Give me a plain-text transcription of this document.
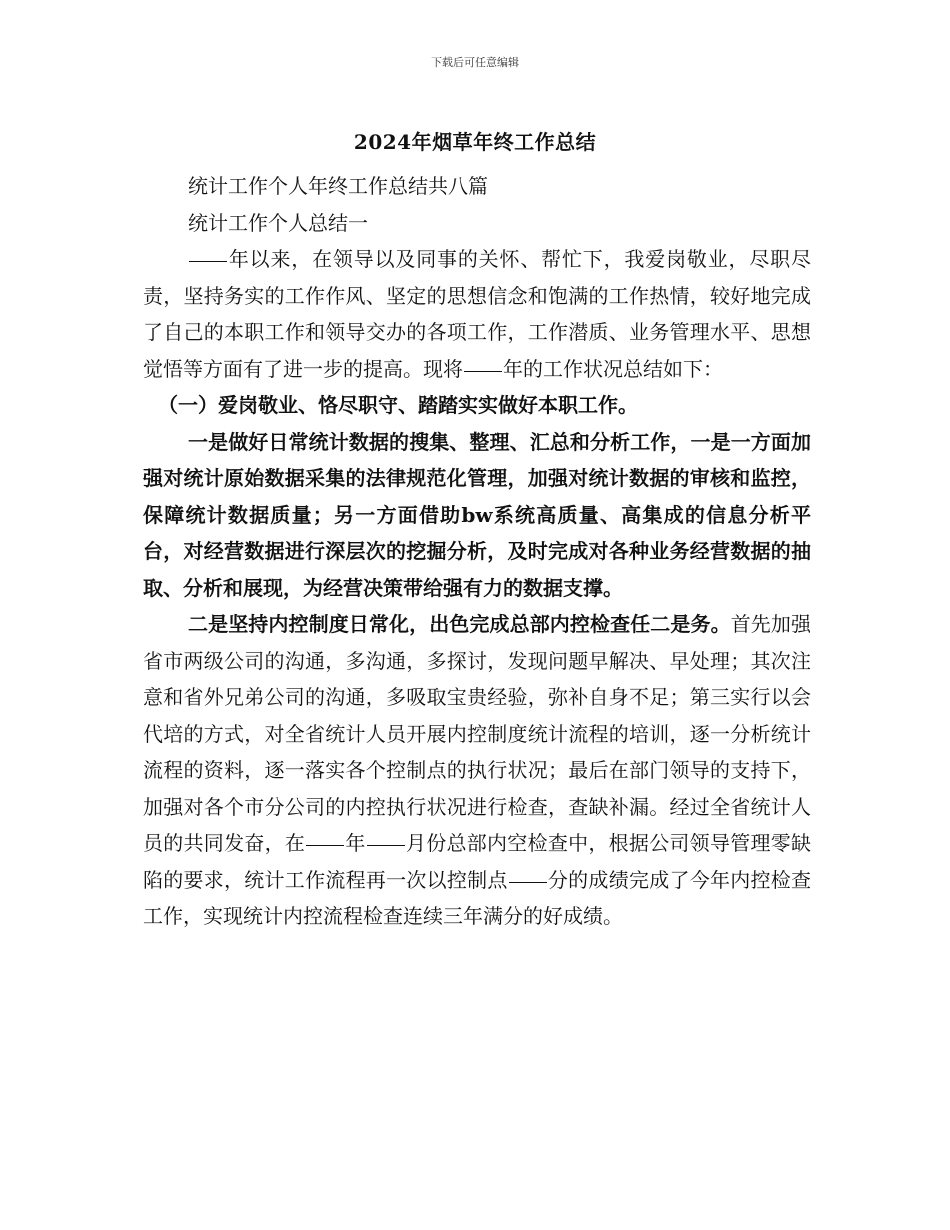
下载后可任意编辑
2024年烟草年终工作总结

统计工作个人年终工作总结共八篇

统计工作个人总结一

年以来，在领导以及同事的关怀、帮忙下，我爱岗敬业，尽职尽责，坚持务实的工作作风、坚定的思想信念和饱满的工作热情，较好地完成了自己的本职工作和领导交办的各项工作，工作潜质、业务管理水平、思想觉悟等方面有了进一步的提高。现将 年的工作状况总结如下：

（一）爱岗敬业、恪尽职守、踏踏实实做好本职工作。

一是做好日常统计数据的搜集、整理、汇总和分析工作，一是一方面加强对统计原始数据采集的法律规范化管理，加强对统计数据的审核和监控，保障统计数据质量；另一方面借助bw系统高质量、高集成的信息分析平台，对经营数据进行深层次的挖掘分析，及时完成对各种业务经营数据的抽取、分析和展现，为经营决策带给强有力的数据支撑。

二是坚持内控制度日常化，出色完成总部内控检查任二是务。首先加强省市两级公司的沟通，多沟通，多探讨，发现问题早解决、早处理；其次注意和省外兄弟公司的沟通，多吸取宝贵经验，弥补自身不足；第三实行以会代培的方式，对全省统计人员开展内控制度统计流程的培训，逐一分析统计流程的资料，逐一落实各个控制点的执行状况；最后在部门领导的支持下，加强对各个市分公司的内控执行状况进行检查，查缺补漏。经过全省统计人员的共同发奋，在 年 月份总部内空检查中，根据公司领导管理零缺陷的要求，统计工作流程再一次以控制点 分的成绩完成了今年内控检查工作，实现统计内控流程检查连续三年满分的好成绩。
